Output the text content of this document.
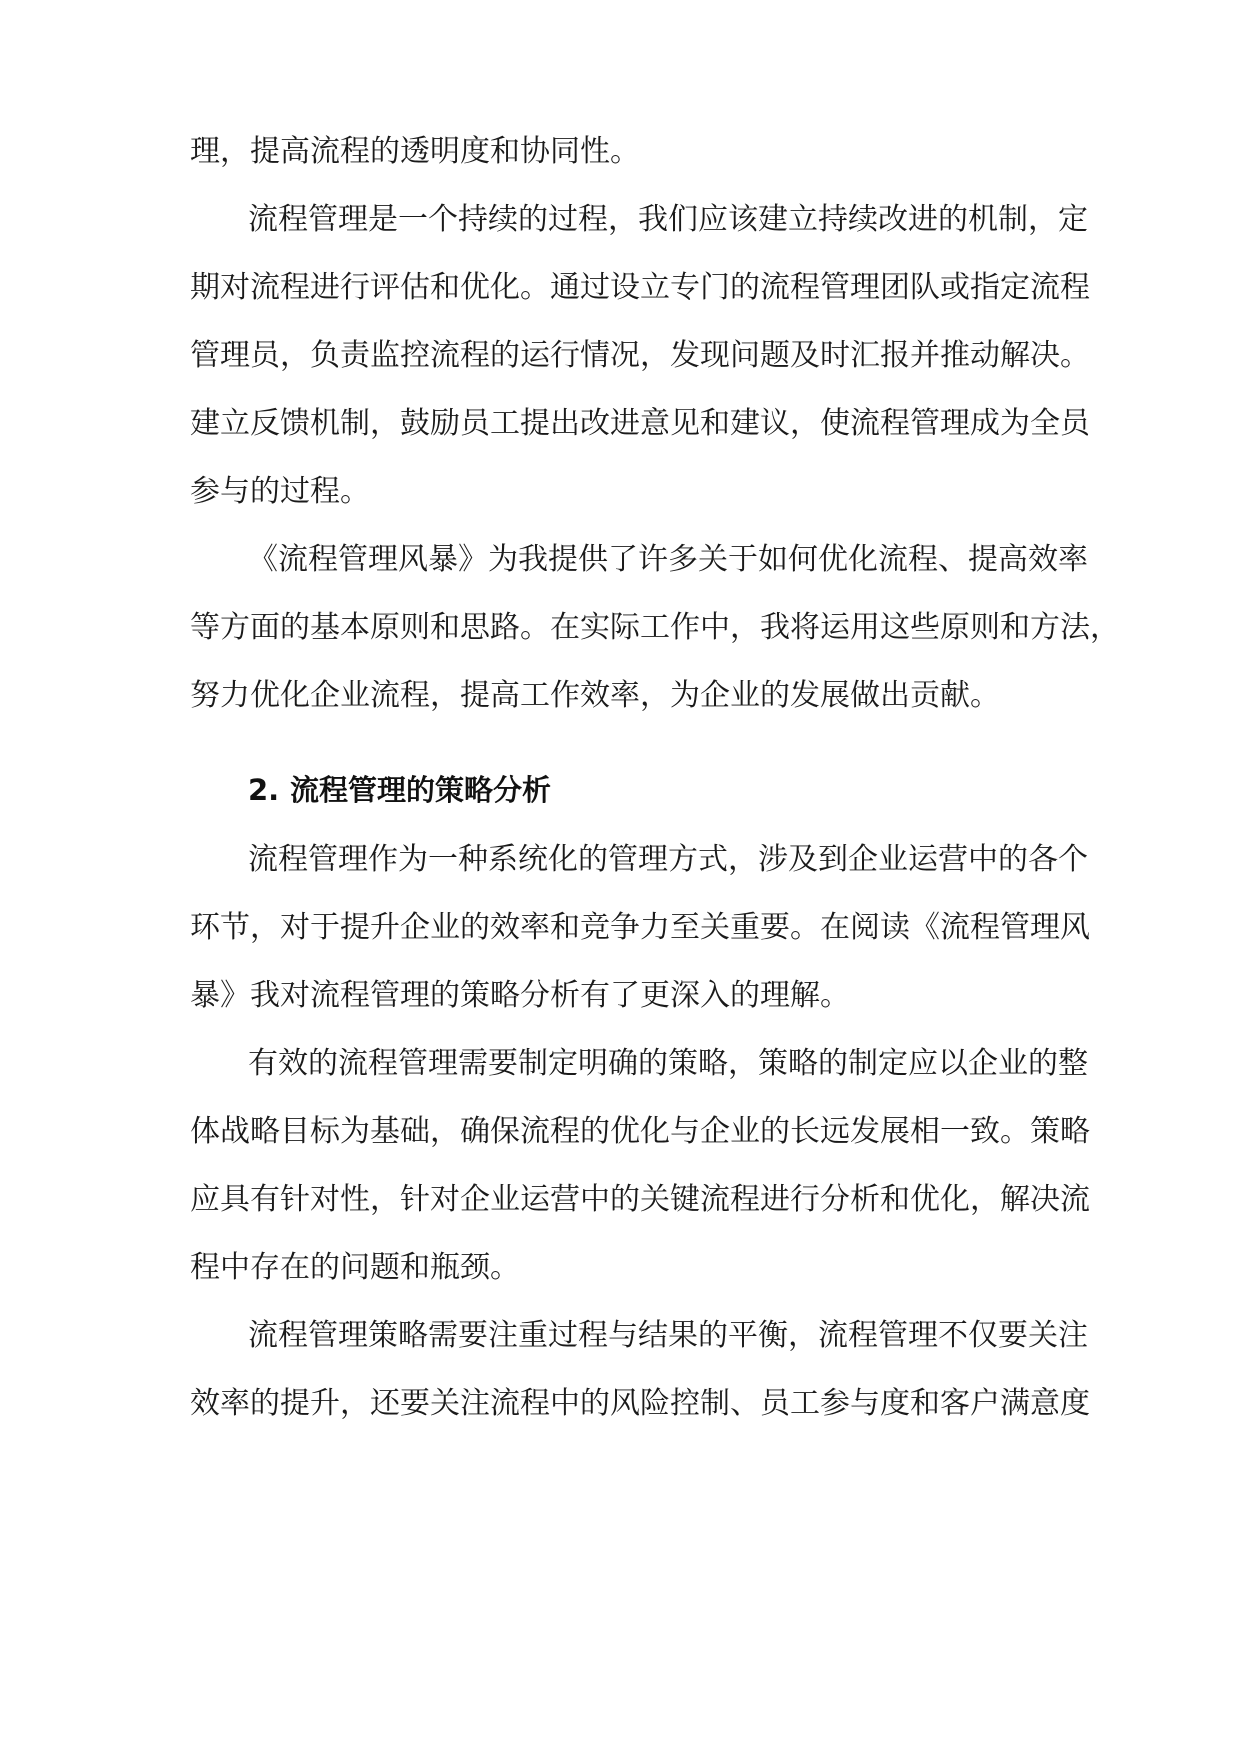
理，提高流程的透明度和协同性。
流程管理是一个持续的过程，我们应该建立持续改进的机制，定
期对流程进行评估和优化。通过设立专门的流程管理团队或指定流程
管理员，负责监控流程的运行情况，发现问题及时汇报并推动解决。
建立反馈机制，鼓励员工提出改进意见和建议，使流程管理成为全员
参与的过程。
《流程管理风暴》为我提供了许多关于如何优化流程、提高效率
等方面的基本原则和思路。在实际工作中，我将运用这些原则和方法，
努力优化企业流程，提高工作效率，为企业的发展做出贡献。
2. 流程管理的策略分析
流程管理作为一种系统化的管理方式，涉及到企业运营中的各个
环节，对于提升企业的效率和竞争力至关重要。在阅读《流程管理风
暴》我对流程管理的策略分析有了更深入的理解。
有效的流程管理需要制定明确的策略，策略的制定应以企业的整
体战略目标为基础，确保流程的优化与企业的长远发展相一致。策略
应具有针对性，针对企业运营中的关键流程进行分析和优化，解决流
程中存在的问题和瓶颈。
流程管理策略需要注重过程与结果的平衡，流程管理不仅要关注
效率的提升，还要关注流程中的风险控制、员工参与度和客户满意度
